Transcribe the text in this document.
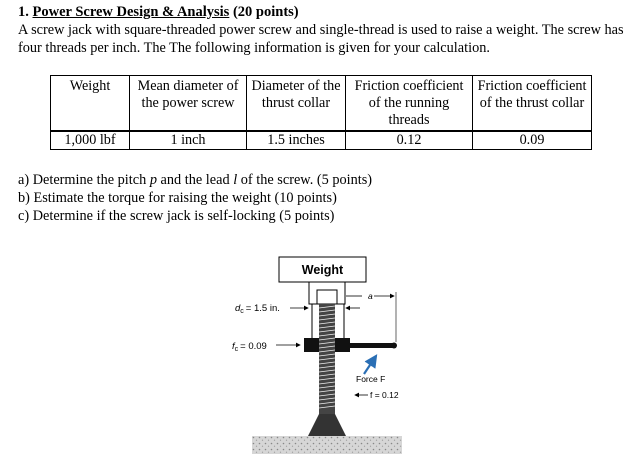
1. Power Screw Design & Analysis (20 points)
A screw jack with square-threaded power screw and single-thread is used to raise a weight. The screw has four threads per inch. The The following information is given for your calculation.
Weight	Mean diameter of the power screw	Diameter of the thrust collar	Friction coefficient of the running threads	Friction coefficient of the thrust collar
1,000 lbf	1 inch	1.5 inches	0.12	0.09
a) Determine the pitch p and the lead l of the screw. (5 points)
b) Estimate the torque for raising the weight (10 points)
c) Determine if the screw jack is self-locking (5 points)
Weight
$d_c = 1.5$ in.
a
$f_c = 0.09$
Force F
f = 0.12
